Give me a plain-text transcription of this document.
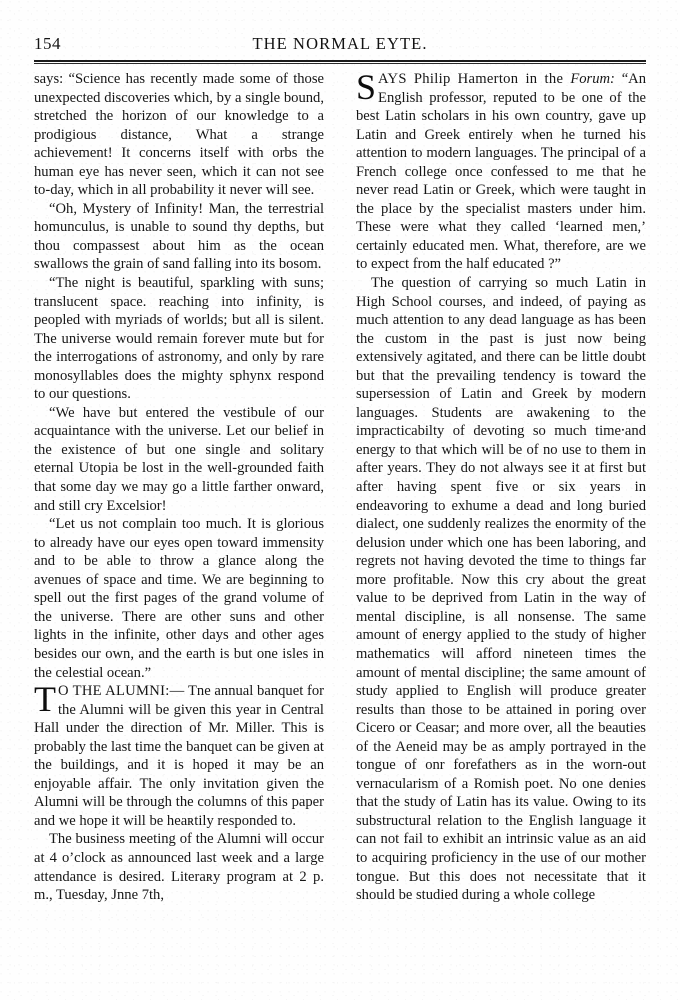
154	THE NORMAL EYTE.

says: “Science has recently made some of those unexpected discoveries which, by a single bound, stretched the horizon of our knowledge to a prodigious distance, What a strange achievement! It concerns itself with orbs the human eye has never seen, which it can not see to-day, which in all probability it never will see.

“Oh, Mystery of Infinity! Man, the terrestrial homunculus, is unable to sound thy depths, but thou compassest about him as the ocean swallows the grain of sand falling into its bosom.

“The night is beautiful, sparkling with suns; translucent space. reaching into infinity, is peopled with myriads of worlds; but all is silent. The universe would remain forever mute but for the interrogations of astronomy, and only by rare monosyllables does the mighty sphynx respond to our questions.

“We have but entered the vestibule of our acquaintance with the universe. Let our belief in the existence of but one single and solitary eternal Utopia be lost in the well-grounded faith that some day we may go a little farther onward, and still cry Excelsior!

“Let us not complain too much. It is glorious to already have our eyes open toward immensity and to be able to throw a glance along the avenues of space and time. We are beginning to spell out the first pages of the grand volume of the universe. There are other suns and other lights in the infinite, other days and other ages besides our own, and the earth is but one isles in the celestial ocean.”

T O THE ALUMNI:— Tne annual banquet for the Alumni will be given this year in Central Hall under the direction of Mr. Miller. This is probably the last time the banquet can be given at the buildings, and it is hoped it may be an enjoyable affair. The only invitation given the Alumni will be through the columns of this paper and we hope it will be heaʀtily responded to.

The business meeting of the Alumni will occur at 4 o’clock as announced last week and a large attendance is desired. Literaʀy program at 2 p. m., Tuesday, Jnne 7th,

SAYS Philip Hamerton in the Forum: “An English professor, reputed to be one of the best Latin scholars in his own country, gave up Latin and Greek entirely when he turned his attention to modern languages. The principal of a French college once confessed to me that he never read Latin or Greek, which were taught in the place by the specialist masters under him. These were what they called ‘learned men,’ certainly educated men. What, therefore, are we to expect from the half educated ?”

The question of carrying so much Latin in High School courses, and indeed, of paying as much attention to any dead language as has been the custom in the past is just now being extensively agitated, and there can be little doubt but that the prevailing tendency is toward the supersession of Latin and Greek by modern languages. Students are awakening to the impracticabilty of devoting so much time⸱and energy to that which will be of no use to them in after years. They do not always see it at first but after having spent five or six years in endeavoring to exhume a dead and long buried dialect, one suddenly realizes the enormity of the delusion under which one has been laboring, and regrets not having devoted the time to things far more profitable. Now this cry about the great value to be deprived from Latin in the way of mental discipline, is all nonsense. The same amount of energy applied to the study of higher mathematics will afford nineteen times the amount of mental discipline; the same amount of study applied to English will produce greater results than those to be attained in poring over Cicero or Ceasar; and more over, all the beauties of the Aeneid may be as amply portrayed in the tongue of onr forefathers as in the worn-out vernacularism of a Romish poet. No one denies that the study of Latin has its value. Owing to its substructural relation to the English language it can not fail to exhibit an intrinsic value as an aid to acquiring proficiency in the use of our mother tongue. But this does not necessitate that it should be studied during a whole college
